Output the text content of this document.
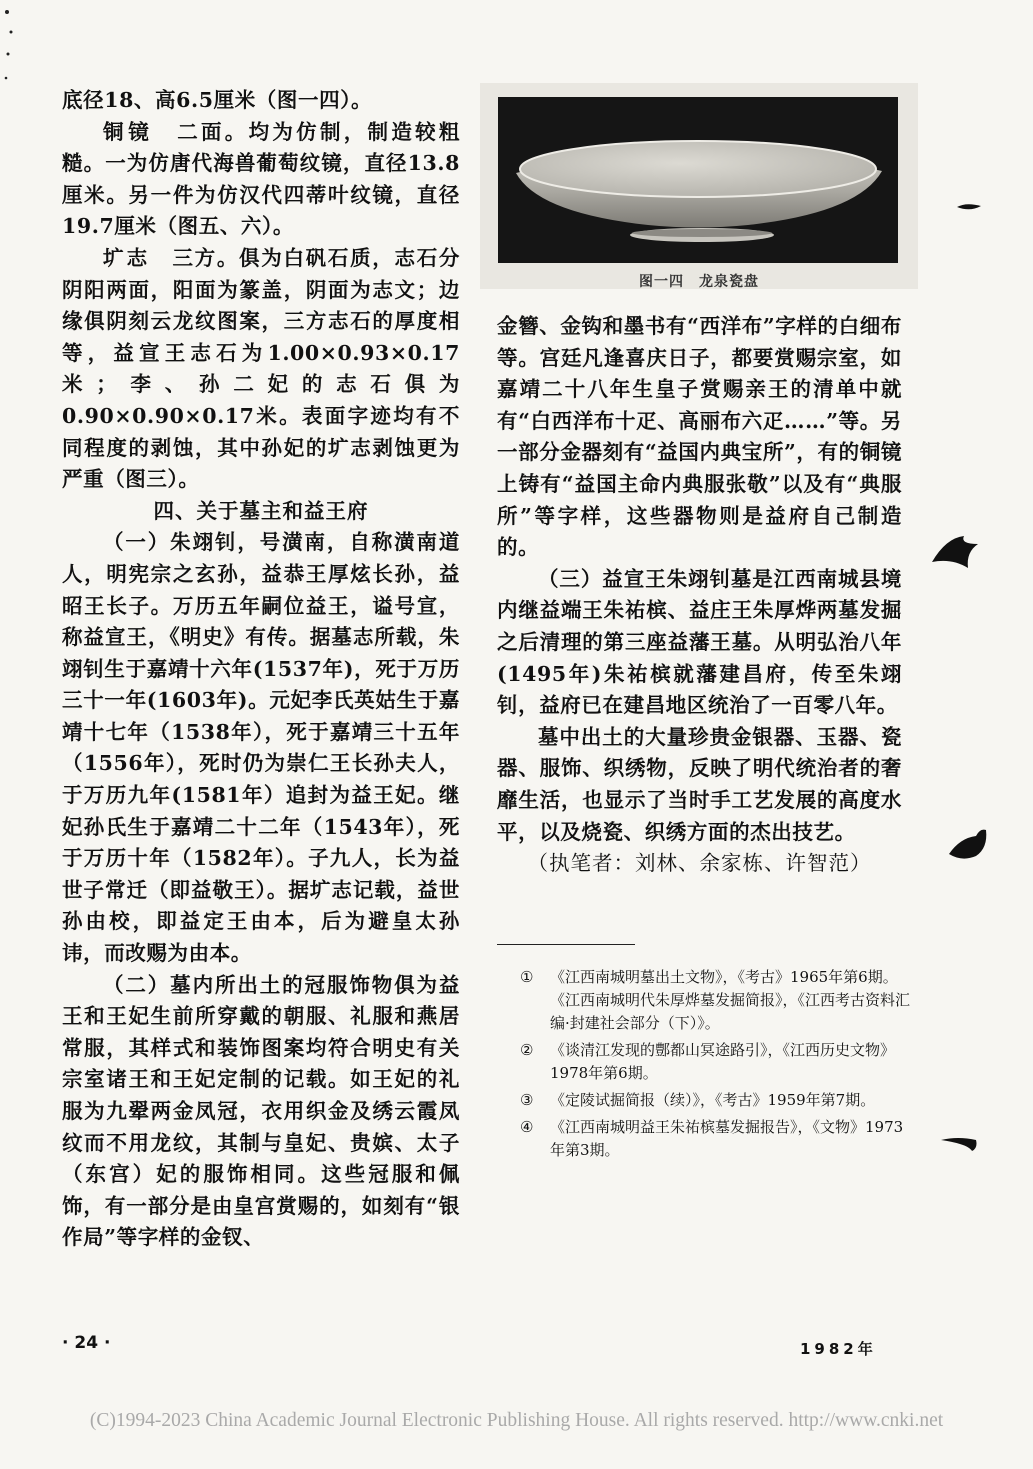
底径18、高6.5厘米（图一四）。

铜镜　 二面。均为仿制，制造较粗糙。一为仿唐代海兽葡萄纹镜，直径13.8厘米。另一件为仿汉代四蒂叶纹镜，直径19.7厘米（图五、六）。

圹志　 三方。俱为白矾石质，志石分阴阳两面，阳面为篆盖，阴面为志文；边缘俱阴刻云龙纹图案，三方志石的厚度相等，益宣王志石为1.00×0.93×0.17米；李、孙二妃的志石俱为0.90×0.90×0.17米。表面字迹均有不同程度的剥蚀，其中孙妃的圹志剥蚀更为严重（图三）。

四、关于墓主和益王府

（一）朱翊钊，号潢南，自称潢南道人，明宪宗之玄孙，益恭王厚炫长孙，益昭王长子。万历五年嗣位益王，谥号宣，称益宣王，《明史》有传。据墓志所载，朱翊钊生于嘉靖十六年(1537年)，死于万历三十一年(1603年)。元妃李氏英姑生于嘉靖十七年（1538年），死于嘉靖三十五年（1556年），死时仍为崇仁王长孙夫人，于万历九年(1581年）追封为益王妃。继妃孙氏生于嘉靖二十二年（1543年），死于万历十年（1582年）。子九人，长为益世子常迁（即益敬王）。据圹志记载，益世孙由校，即益定王由本，后为避皇太孙讳，而改赐为由本。

（二）墓内所出土的冠服饰物俱为益王和王妃生前所穿戴的朝服、礼服和燕居常服，其样式和装饰图案均符合明史有关宗室诸王和王妃定制的记载。如王妃的礼服为九翚两金凤冠，衣用织金及绣云霞凤纹而不用龙纹，其制与皇妃、贵嫔、太子（东宫）妃的服饰相同。这些冠服和佩饰，有一部分是由皇宫赏赐的，如刻有“银作局”等字样的金钗、

图一四　龙泉瓷盘

金簪、金钩和墨书有“西洋布”字样的白细布等。宫廷凡逢喜庆日子，都要赏赐宗室，如嘉靖二十八年生皇子赏赐亲王的清单中就有“白西洋布十疋、高丽布六疋……”等。另一部分金器刻有“益国内典宝所”，有的铜镜上铸有“益国主命内典服张敬”以及有“典服所”等字样，这些器物则是益府自己制造的。

（三）益宣王朱翊钊墓是江西南城县境内继益端王朱祐槟、益庄王朱厚烨两墓发掘之后清理的第三座益藩王墓。从明弘治八年(1495年)朱祐槟就藩建昌府，传至朱翊钊，益府已在建昌地区统治了一百零八年。

墓中出土的大量珍贵金银器、玉器、瓷器、服饰、织绣物，反映了明代统治者的奢靡生活，也显示了当时手工艺发展的高度水平，以及烧瓷、织绣方面的杰出技艺。

（执笔者：刘林、余家栋、许智范）

① 《江西南城明墓出土文物》，《考古》1965年第6期。《江西南城明代朱厚烨墓发掘简报》，《江西考古资料汇编·封建社会部分（下）》。
② 《谈清江发现的鄷都山冥途路引》，《江西历史文物》1978年第6期。
③ 《定陵试掘简报（续）》，《考古》1959年第7期。
④ 《江西南城明益王朱祐槟墓发掘报告》，《文物》1973年第3期。
· 24 ·	1982年
(C)1994-2023 China Academic Journal Electronic Publishing House. All rights reserved. http://www.cnki.net
